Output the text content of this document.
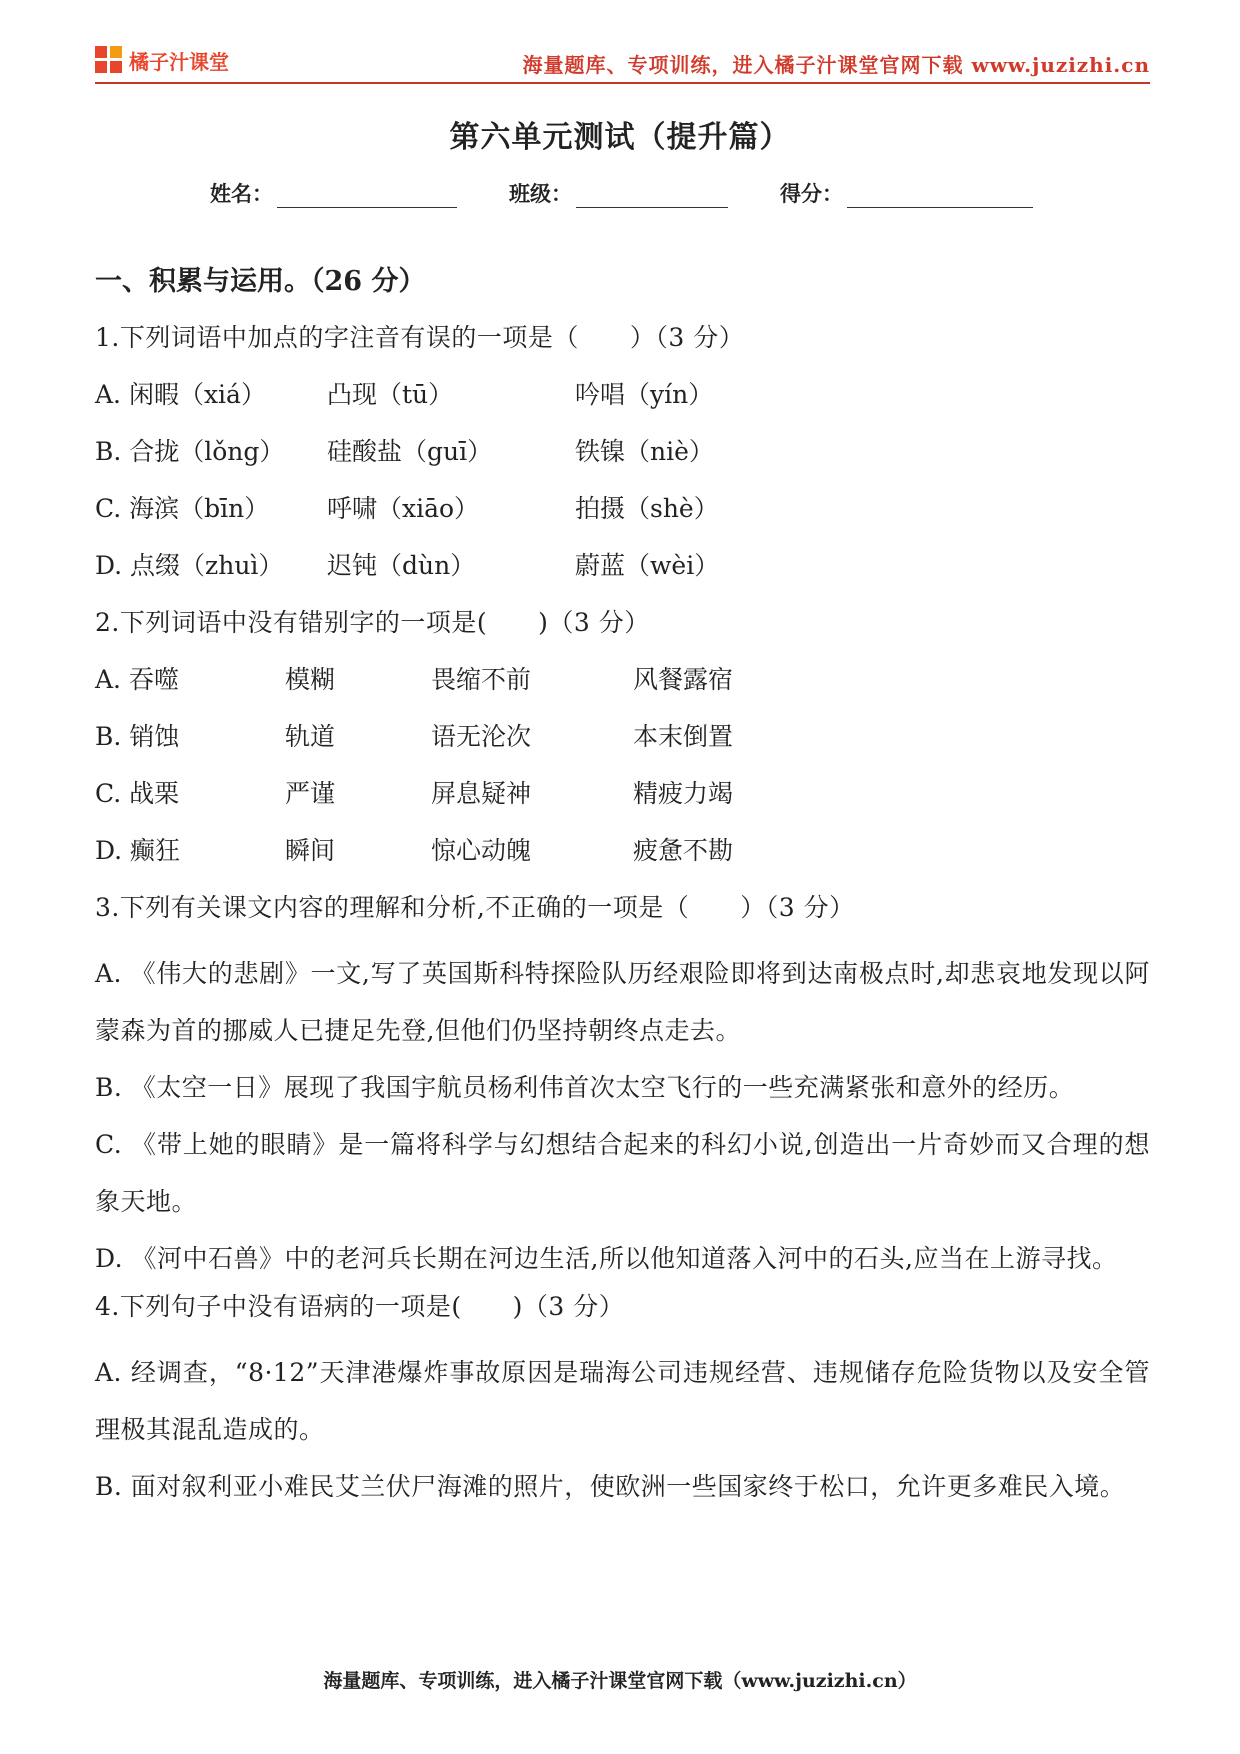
橘子汁课堂	海量题库、专项训练，进入橘子汁课堂官网下载 www.juzizhi.cn
第六单元测试（提升篇）
姓名：	班级：	得分：
一、积累与运用。（26 分）
1.下列词语中加点的字注音有误的一项是（　　）（3 分）
A. 闲暇（xiá）	凸现（tū）	吟唱（yín）
B. 合拢（lǒng）	硅酸盐（guī）	铁镍（niè）
C. 海滨（bīn）	呼啸（xiāo）	拍摄（shè）
D. 点缀（zhuì）	迟钝（dùn）	蔚蓝（wèi）
2.下列词语中没有错别字的一项是(　　)（3 分）
A. 吞噬	模糊	畏缩不前	风餐露宿
B. 销蚀	轨道	语无沦次	本末倒置
C. 战栗	严谨	屏息疑神	精疲力竭
D. 癫狂	瞬间	惊心动魄	疲惫不勘
3.下列有关课文内容的理解和分析,不正确的一项是（　　）（3 分）
A. 《伟大的悲剧》一文,写了英国斯科特探险队历经艰险即将到达南极点时,却悲哀地发现以阿蒙森为首的挪威人已捷足先登,但他们仍坚持朝终点走去。
B. 《太空一日》展现了我国宇航员杨利伟首次太空飞行的一些充满紧张和意外的经历。
C. 《带上她的眼睛》是一篇将科学与幻想结合起来的科幻小说,创造出一片奇妙而又合理的想象天地。
D. 《河中石兽》中的老河兵长期在河边生活,所以他知道落入河中的石头,应当在上游寻找。
4.下列句子中没有语病的一项是(　　)（3 分）
A. 经调查，“8·12”天津港爆炸事故原因是瑞海公司违规经营、违规储存危险货物以及安全管理极其混乱造成的。
B. 面对叙利亚小难民艾兰伏尸海滩的照片，使欧洲一些国家终于松口，允许更多难民入境。
海量题库、专项训练，进入橘子汁课堂官网下载（www.juzizhi.cn）
